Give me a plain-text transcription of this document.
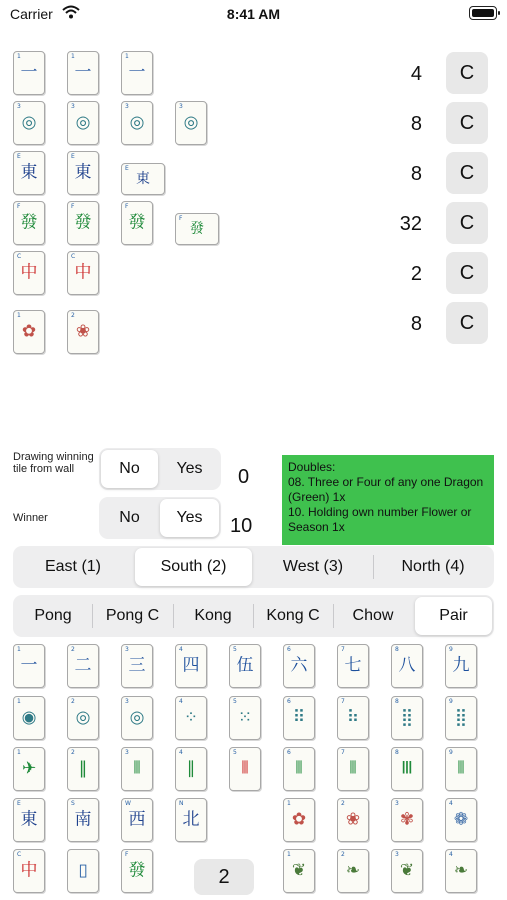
Carrier	8:41 AM
1
一
1
一
1
一
3
◎
3
◎
3
◎
3
◎
E
東
E
東	E
東
F
發
F
發
F
發	F
發
C
中
C
中
1
✿
2
❀
4	C
8	C
8	C
32	C
2	C
8	C
Drawing winning tile from wall	No	Yes	0
Winner	No	Yes	10
Doubles:
08. Three or Four of any one Dragon (Green) 1x
10. Holding own number Flower or Season 1x
East (1)	South (2)	West (3)	North (4)
Pong	Pong C	Kong	Kong C	Chow	Pair
1
一
2
二
3
三
4
四
5
伍
6
六
7
七
8
八
9
九
1
◉
2
◎
3
◎
4
⁘
5
⁙
6
⠿
7
⠷
8
⣿
9
⣿
1
✈
2
‖
3
⦀
4
∥
5
⦀
6
⦀
7
⦀
8
Ⅲ
9
⦀
E
東
S
南
W
西
N
北
1
✿
2
❀
3
✾
4
❁
C
中	▯
F
發
1
❦
2
❧
3
❦
4
❧
2
